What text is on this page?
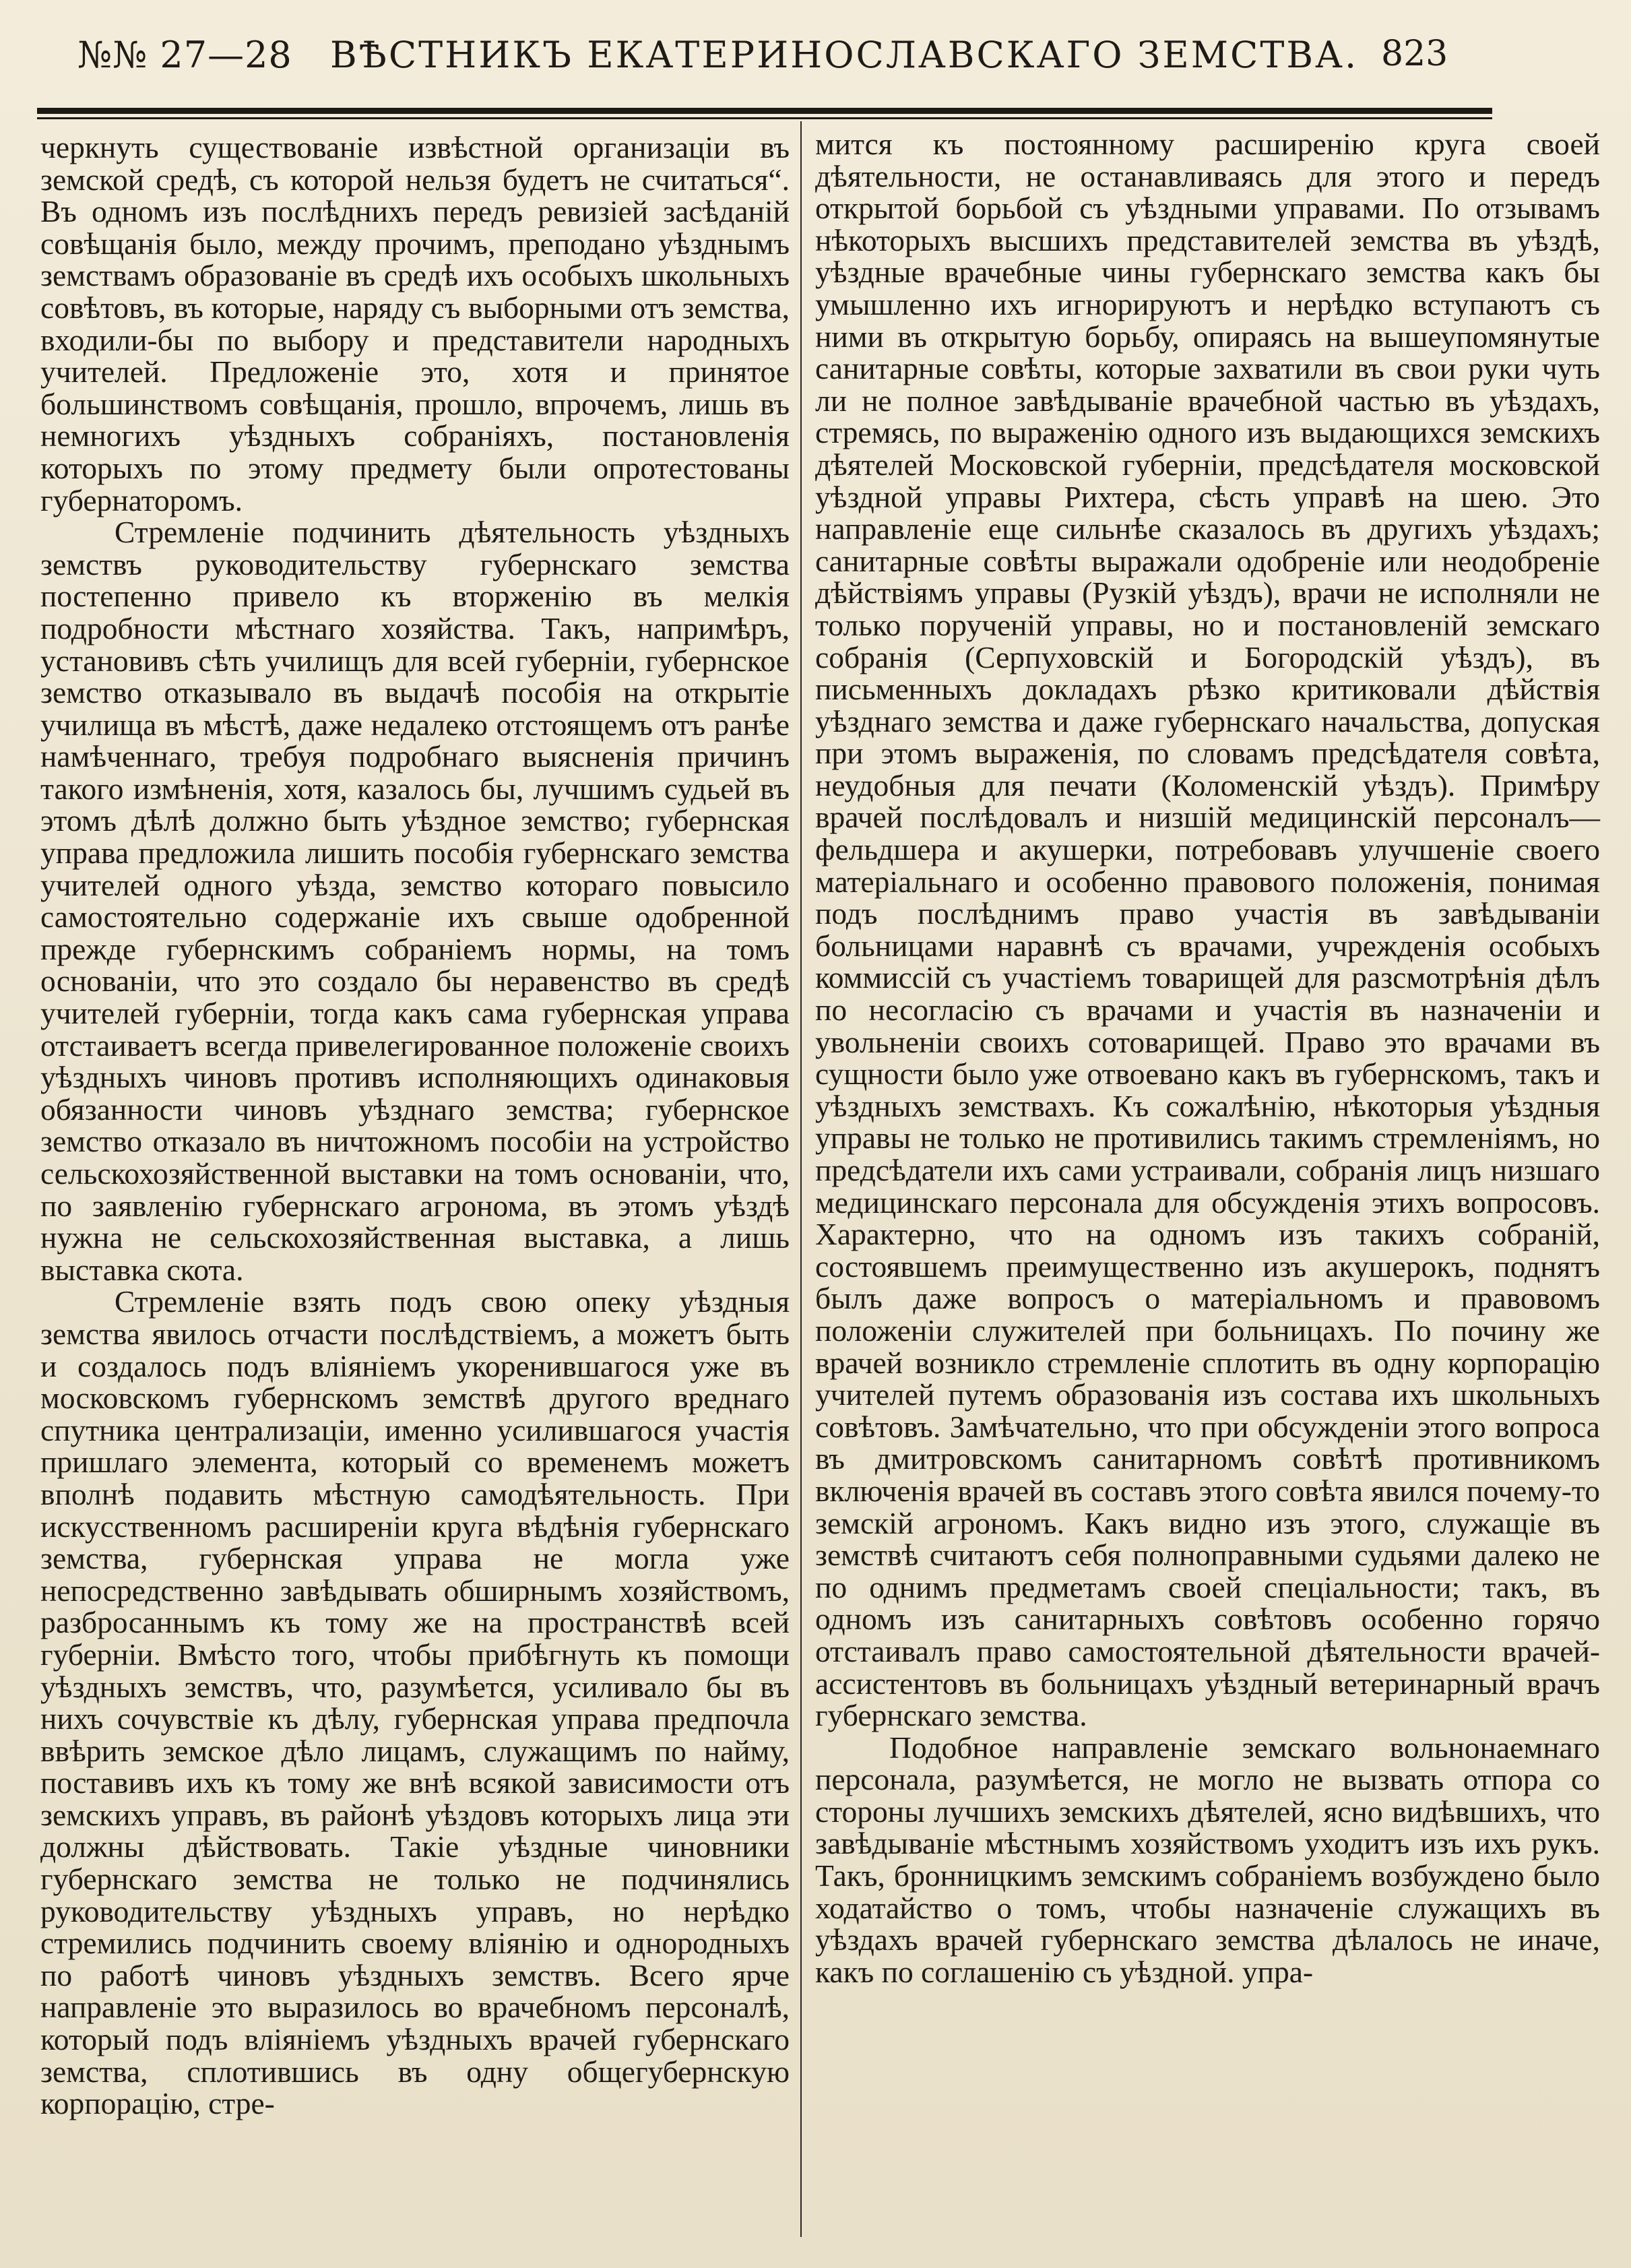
№№ 27—28 ВѢСТНИКЪ ЕКАТЕРИНОСЛАВСКАГО ЗЕМСТВА. 823

черкнуть существованіе извѣстной организаціи въ земской средѣ, съ которой нельзя будетъ не считаться“. Въ одномъ изъ послѣднихъ передъ ревизіей засѣданій совѣщанія было, между прочимъ, преподано уѣзднымъ земствамъ образованіе въ средѣ ихъ особыхъ школьныхъ совѣтовъ, въ которые, наряду съ выборными отъ земства, входили-бы по выбору и представители народныхъ учителей. Предложеніе это, хотя и принятое большинствомъ совѣщанія, прошло, впрочемъ, лишь въ немногихъ уѣздныхъ собраніяхъ, постановленія которыхъ по этому предмету были опротестованы губернаторомъ.

Стремленіе подчинить дѣятельность уѣздныхъ земствъ руководительству губернскаго земства постепенно привело къ вторженію въ мелкія подробности мѣстнаго хозяйства. Такъ, напримѣръ, установивъ сѣть училищъ для всей губерніи, губернское земство отказывало въ выдачѣ пособія на открытіе училища въ мѣстѣ, даже недалеко отстоящемъ отъ ранѣе намѣченнаго, требуя подробнаго выясненія причинъ такого измѣненія, хотя, казалось бы, лучшимъ судьей въ этомъ дѣлѣ должно быть уѣздное земство; губернская управа предложила лишить пособія губернскаго земства учителей одного уѣзда, земство котораго повысило самостоятельно содержаніе ихъ свыше одобренной прежде губернскимъ собраніемъ нормы, на томъ основаніи, что это создало бы неравенство въ средѣ учителей губерніи, тогда какъ сама губернская управа отстаиваетъ всегда привелегированное положеніе своихъ уѣздныхъ чиновъ противъ исполняющихъ одинаковыя обязанности чиновъ уѣзднаго земства; губернское земство отказало въ ничтожномъ пособіи на устройство сельскохозяйственной выставки на томъ основаніи, что, по заявленію губернскаго агронома, въ этомъ уѣздѣ нужна не сельскохозяйственная выставка, а лишь выставка скота.

Стремленіе взять подъ свою опеку уѣздныя земства явилось отчасти послѣдствіемъ, а можетъ быть и создалось подъ вліяніемъ укоренившагося уже въ московскомъ губернскомъ земствѣ другого вреднаго спутника централизаціи, именно усилившагося участія пришлаго элемента, который со временемъ можетъ вполнѣ подавить мѣстную самодѣятельность. При искусственномъ расширеніи круга вѣдѣнія губернскаго земства, губернская управа не могла уже непосредственно завѣдывать обширнымъ хозяйствомъ, разбросаннымъ къ тому же на пространствѣ всей губерніи. Вмѣсто того, чтобы прибѣгнуть къ помощи уѣздныхъ земствъ, что, разумѣется, усиливало бы въ нихъ сочувствіе къ дѣлу, губернская управа предпочла ввѣрить земское дѣло лицамъ, служащимъ по найму, поставивъ ихъ къ тому же внѣ всякой зависимости отъ земскихъ управъ, въ районѣ уѣздовъ которыхъ лица эти должны дѣйствовать. Такіе уѣздные чиновники губернскаго земства не только не подчинялись руководительству уѣздныхъ управъ, но нерѣдко стремились подчинить своему вліянію и однородныхъ по работѣ чиновъ уѣздныхъ земствъ. Всего ярче направленіе это выразилось во врачебномъ персоналѣ, который подъ вліяніемъ уѣздныхъ врачей губернскаго земства, сплотившись въ одну общегубернскую корпорацію, стре-

мится къ постоянному расширенію круга своей дѣятельности, не останавливаясь для этого и передъ открытой борьбой съ уѣздными управами. По отзывамъ нѣкоторыхъ высшихъ представителей земства въ уѣздѣ, уѣздные врачебные чины губернскаго земства какъ бы умышленно ихъ игнорируютъ и нерѣдко вступаютъ съ ними въ открытую борьбу, опираясь на вышеупомянутые санитарные совѣты, которые захватили въ свои руки чуть ли не полное завѣдываніе врачебной частью въ уѣздахъ, стремясь, по выраженію одного изъ выдающихся земскихъ дѣятелей Московской губерніи, предсѣдателя московской уѣздной управы Рихтера, сѣсть управѣ на шею. Это направленіе еще сильнѣе сказалось въ другихъ уѣздахъ; санитарные совѣты выражали одобреніе или неодобреніе дѣйствіямъ управы (Рузкій уѣздъ), врачи не исполняли не только порученій управы, но и постановленій земскаго собранія (Серпуховскій и Богородскій уѣздъ), въ письменныхъ докладахъ рѣзко критиковали дѣйствія уѣзднаго земства и даже губернскаго начальства, допуская при этомъ выраженія, по словамъ предсѣдателя совѣта, неудобныя для печати (Коломенскій уѣздъ). Примѣру врачей послѣдовалъ и низшій медицинскій персоналъ—фельдшера и акушерки, потребовавъ улучшеніе своего матеріальнаго и особенно правового положенія, понимая подъ послѣднимъ право участія въ завѣдываніи больницами наравнѣ съ врачами, учрежденія особыхъ коммиссій съ участіемъ товарищей для разсмотрѣнія дѣлъ по несогласію съ врачами и участія въ назначеніи и увольненіи своихъ сотоварищей. Право это врачами въ сущности было уже отвоевано какъ въ губернскомъ, такъ и уѣздныхъ земствахъ. Къ сожалѣнію, нѣкоторыя уѣздныя управы не только не противились такимъ стремленіямъ, но предсѣдатели ихъ сами устраивали, собранія лицъ низшаго медицинскаго персонала для обсужденія этихъ вопросовъ. Характерно, что на одномъ изъ такихъ собраній, состоявшемъ преимущественно изъ акушерокъ, поднятъ былъ даже вопросъ о матеріальномъ и правовомъ положеніи служителей при больницахъ. По почину же врачей возникло стремленіе сплотить въ одну корпорацію учителей путемъ образованія изъ состава ихъ школьныхъ совѣтовъ. Замѣчательно, что при обсужденіи этого вопроса въ дмитровскомъ санитарномъ совѣтѣ противникомъ включенія врачей въ составъ этого совѣта явился почему-то земскій агрономъ. Какъ видно изъ этого, служащіе въ земствѣ считаютъ себя полноправными судьями далеко не по однимъ предметамъ своей спеціальности; такъ, въ одномъ изъ санитарныхъ совѣтовъ особенно горячо отстаивалъ право самостоятельной дѣятельности врачей-ассистентовъ въ больницахъ уѣздный ветеринарный врачъ губернскаго земства.

Подобное направленіе земскаго вольнонаемнаго персонала, разумѣется, не могло не вызвать отпора со стороны лучшихъ земскихъ дѣятелей, ясно видѣвшихъ, что завѣдываніе мѣстнымъ хозяйствомъ уходитъ изъ ихъ рукъ. Такъ, бронницкимъ земскимъ собраніемъ возбуждено было ходатайство о томъ, чтобы назначеніе служащихъ въ уѣздахъ врачей губернскаго земства дѣлалось не иначе, какъ по соглашенію съ уѣздной. упра-
